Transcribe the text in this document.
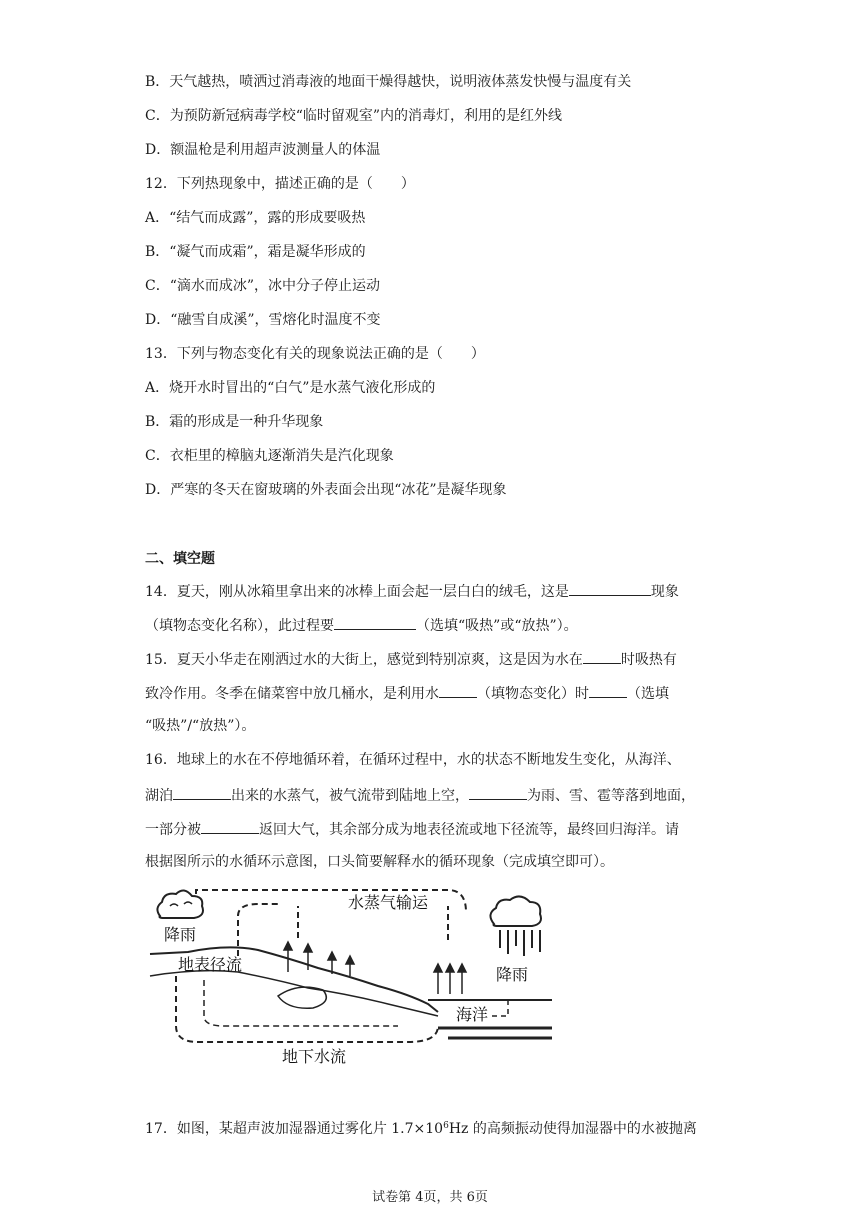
B．天气越热，喷洒过消毒液的地面干燥得越快，说明液体蒸发快慢与温度有关
C．为预防新冠病毒学校“临时留观室”内的消毒灯，利用的是红外线
D．额温枪是利用超声波测量人的体温
12．下列热现象中，描述正确的是（　　）
A．“结气而成露”，露的形成要吸热
B．“凝气而成霜”，霜是凝华形成的
C．“滴水而成冰”，冰中分子停止运动
D．“融雪自成溪”，雪熔化时温度不变
13．下列与物态变化有关的现象说法正确的是（　　）
A．烧开水时冒出的“白气”是水蒸气液化形成的
B．霜的形成是一种升华现象
C．衣柜里的樟脑丸逐渐消失是汽化现象
D．严寒的冬天在窗玻璃的外表面会出现“冰花”是凝华现象
二、填空题
14．夏天，刚从冰箱里拿出来的冰棒上面会起一层白白的绒毛，这是	现象
（填物态变化名称），此过程要	（选填“吸热”或“放热”）。
15．夏天小华走在刚洒过水的大街上，感觉到特别凉爽，这是因为水在	时吸热有
致冷作用。冬季在储菜窖中放几桶水，是利用水	（填物态变化）时	（选填
“吸热”/“放热”）。
16．地球上的水在不停地循环着，在循环过程中，水的状态不断地发生变化，从海洋、
湖泊	出来的水蒸气，被气流带到陆地上空，	为雨、雪、雹等落到地面，
一部分被	返回大气，其余部分成为地表径流或地下径流等，最终回归海洋。请
根据图所示的水循环示意图，口头简要解释水的循环现象（完成填空即可）。
水蒸气输运
降雨
地表径流
降雨
海洋
地下水流
17．如图，某超声波加湿器通过雾化片 $1.7\times 10^6Hz$ 的高频振动使得加湿器中的水被抛离
试卷第 4页，共 6页
